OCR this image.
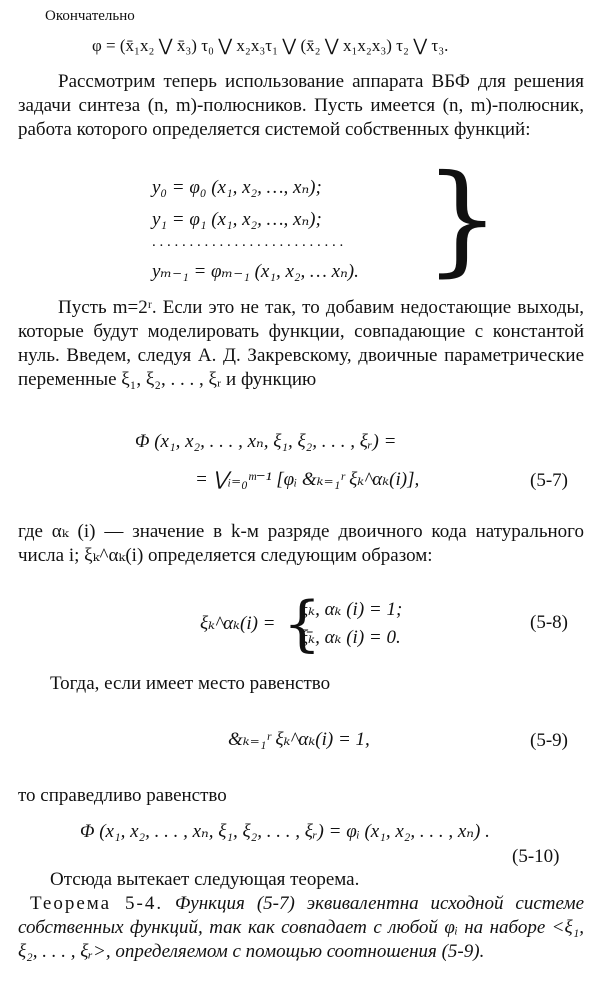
Окончательно
φ = (x̄₁x₂ ⋁ x̄₃) τ₀ ⋁ x₂x₃τ₁ ⋁ (x̄₂ ⋁ x₁x₂x₃) τ₂ ⋁ τ₃.
Рассмотрим теперь использование аппарата ВБФ для решения задачи синтеза (n, m)-полюсников. Пусть имеется (n, m)-полюсник, работа которого определяется системой собственных функций:
y₀ = φ₀ (x₁, x₂, …, xₙ);
y₁ = φ₁ (x₁, x₂, …, xₙ);
. . . . . . . . . . . . . . . . . . . . . . . . . .
yₘ₋₁ = φₘ₋₁ (x₁, x₂, … xₙ). }
Пусть m=2ʳ. Если это не так, то добавим недостающие выходы, которые будут моделировать функции, совпадающие с константой нуль. Введем, следуя А. Д. Закревскому, двоичные параметрические переменные ξ₁, ξ₂, . . . , ξᵣ и функцию
Φ (x₁, x₂, . . . , xₙ, ξ₁, ξ₂, . . . , ξᵣ) =
= ⋁ᵢ₌₀ᵐ⁻¹ [φᵢ &ₖ₌₁ʳ ξₖ^αₖ(i)],	(5-7)
где αₖ (i) — значение в k-м разряде двоичного кода натурального числа i; ξₖ^αₖ(i) определяется следующим образом:
ξₖ^αₖ(i) = {
ξₖ, αₖ (i) = 1;
ξ̄ₖ, αₖ (i) = 0.
(5-8)
Тогда, если имеет место равенство
&ₖ₌₁ʳ ξₖ^αₖ(i) = 1,	(5-9)
то справедливо равенство
Φ (x₁, x₂, . . . , xₙ, ξ₁, ξ₂, . . . , ξᵣ) = φᵢ (x₁, x₂, . . . , xₙ) .
(5-10)
Отсюда вытекает следующая теорема.
Теорема 5-4. Функция (5-7) эквивалентна исходной системе собственных функций, так как совпадает с любой φᵢ на наборе <ξ₁, ξ₂, . . . , ξᵣ>, определяемом с помощью соотношения (5-9).
